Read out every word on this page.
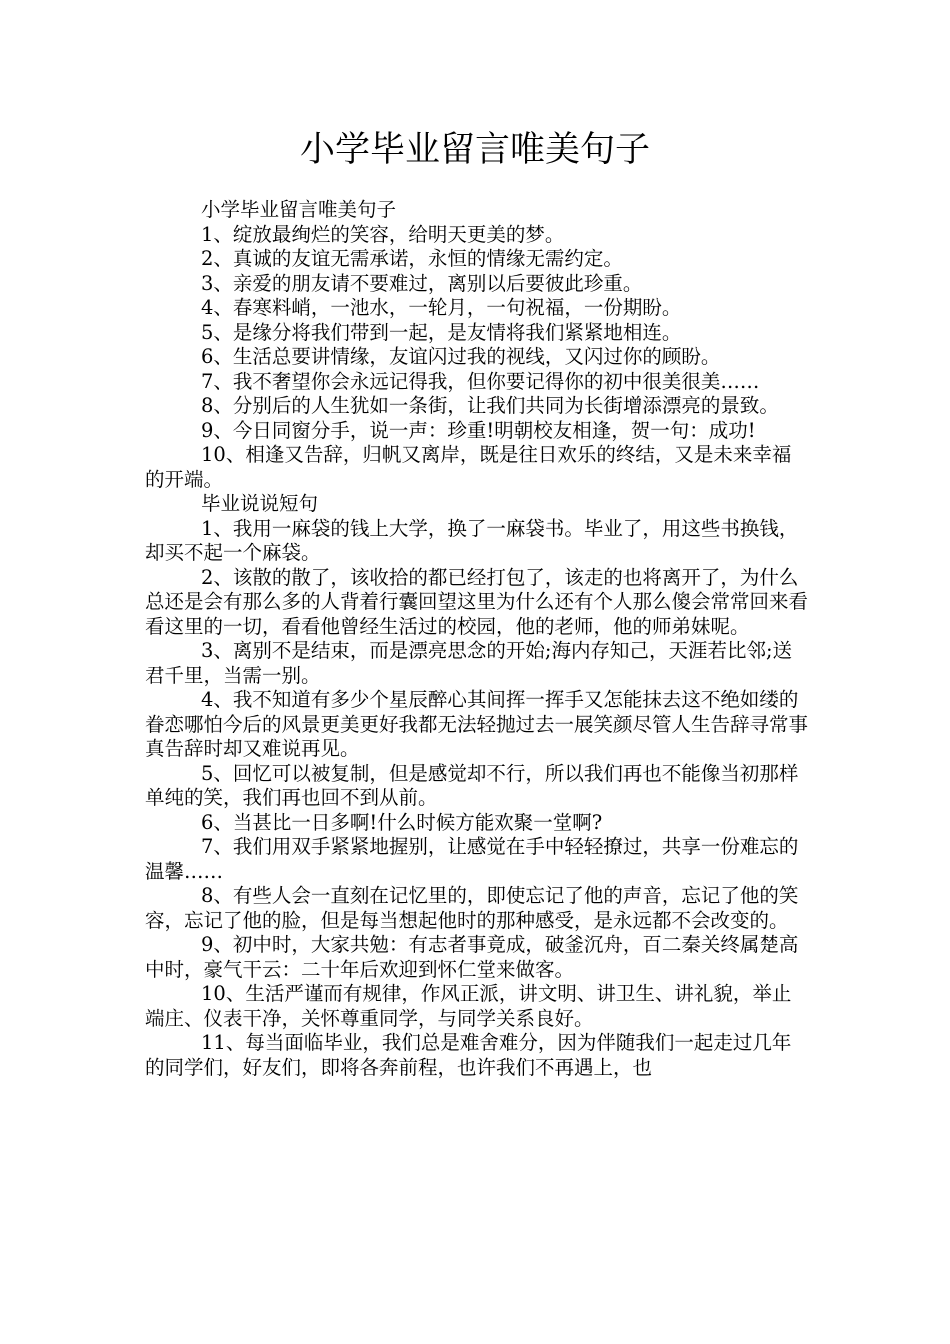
小学毕业留言唯美句子

小学毕业留言唯美句子

1、绽放最绚烂的笑容，给明天更美的梦。

2、真诚的友谊无需承诺，永恒的情缘无需约定。

3、亲爱的朋友请不要难过，离别以后要彼此珍重。

4、春寒料峭，一池水，一轮月，一句祝福，一份期盼。

5、是缘分将我们带到一起，是友情将我们紧紧地相连。

6、生活总要讲情缘，友谊闪过我的视线，又闪过你的顾盼。

7、我不奢望你会永远记得我，但你要记得你的初中很美很美……

8、分别后的人生犹如一条街，让我们共同为长街增添漂亮的景致。

9、今日同窗分手，说一声：珍重!明朝校友相逢，贺一句：成功!

10、相逢又告辞，归帆又离岸，既是往日欢乐的终结，又是未来幸福的开端。

毕业说说短句

1、我用一麻袋的钱上大学，换了一麻袋书。毕业了，用这些书换钱，却买不起一个麻袋。

2、该散的散了，该收拾的都已经打包了，该走的也将离开了，为什么总还是会有那么多的人背着行囊回望这里为什么还有个人那么傻会常常回来看看这里的一切，看看他曾经生活过的校园，他的老师，他的师弟妹呢。

3、离别不是结束，而是漂亮思念的开始;海内存知己，天涯若比邻;送君千里，当需一别。

4、我不知道有多少个星辰醉心其间挥一挥手又怎能抹去这不绝如缕的眷恋哪怕今后的风景更美更好我都无法轻抛过去一展笑颜尽管人生告辞寻常事真告辞时却又难说再见。

5、回忆可以被复制，但是感觉却不行，所以我们再也不能像当初那样单纯的笑，我们再也回不到从前。

6、当甚比一日多啊!什么时候方能欢聚一堂啊?

7、我们用双手紧紧地握别，让感觉在手中轻轻撩过，共享一份难忘的温馨……

8、有些人会一直刻在记忆里的，即使忘记了他的声音，忘记了他的笑容，忘记了他的脸，但是每当想起他时的那种感受，是永远都不会改变的。

9、初中时，大家共勉：有志者事竟成，破釜沉舟，百二秦关终属楚高中时，豪气干云：二十年后欢迎到怀仁堂来做客。

10、生活严谨而有规律，作风正派，讲文明、讲卫生、讲礼貌，举止端庄、仪表干净，关怀尊重同学，与同学关系良好。

11、每当面临毕业，我们总是难舍难分，因为伴随我们一起走过几年的同学们，好友们，即将各奔前程，也许我们不再遇上，也
